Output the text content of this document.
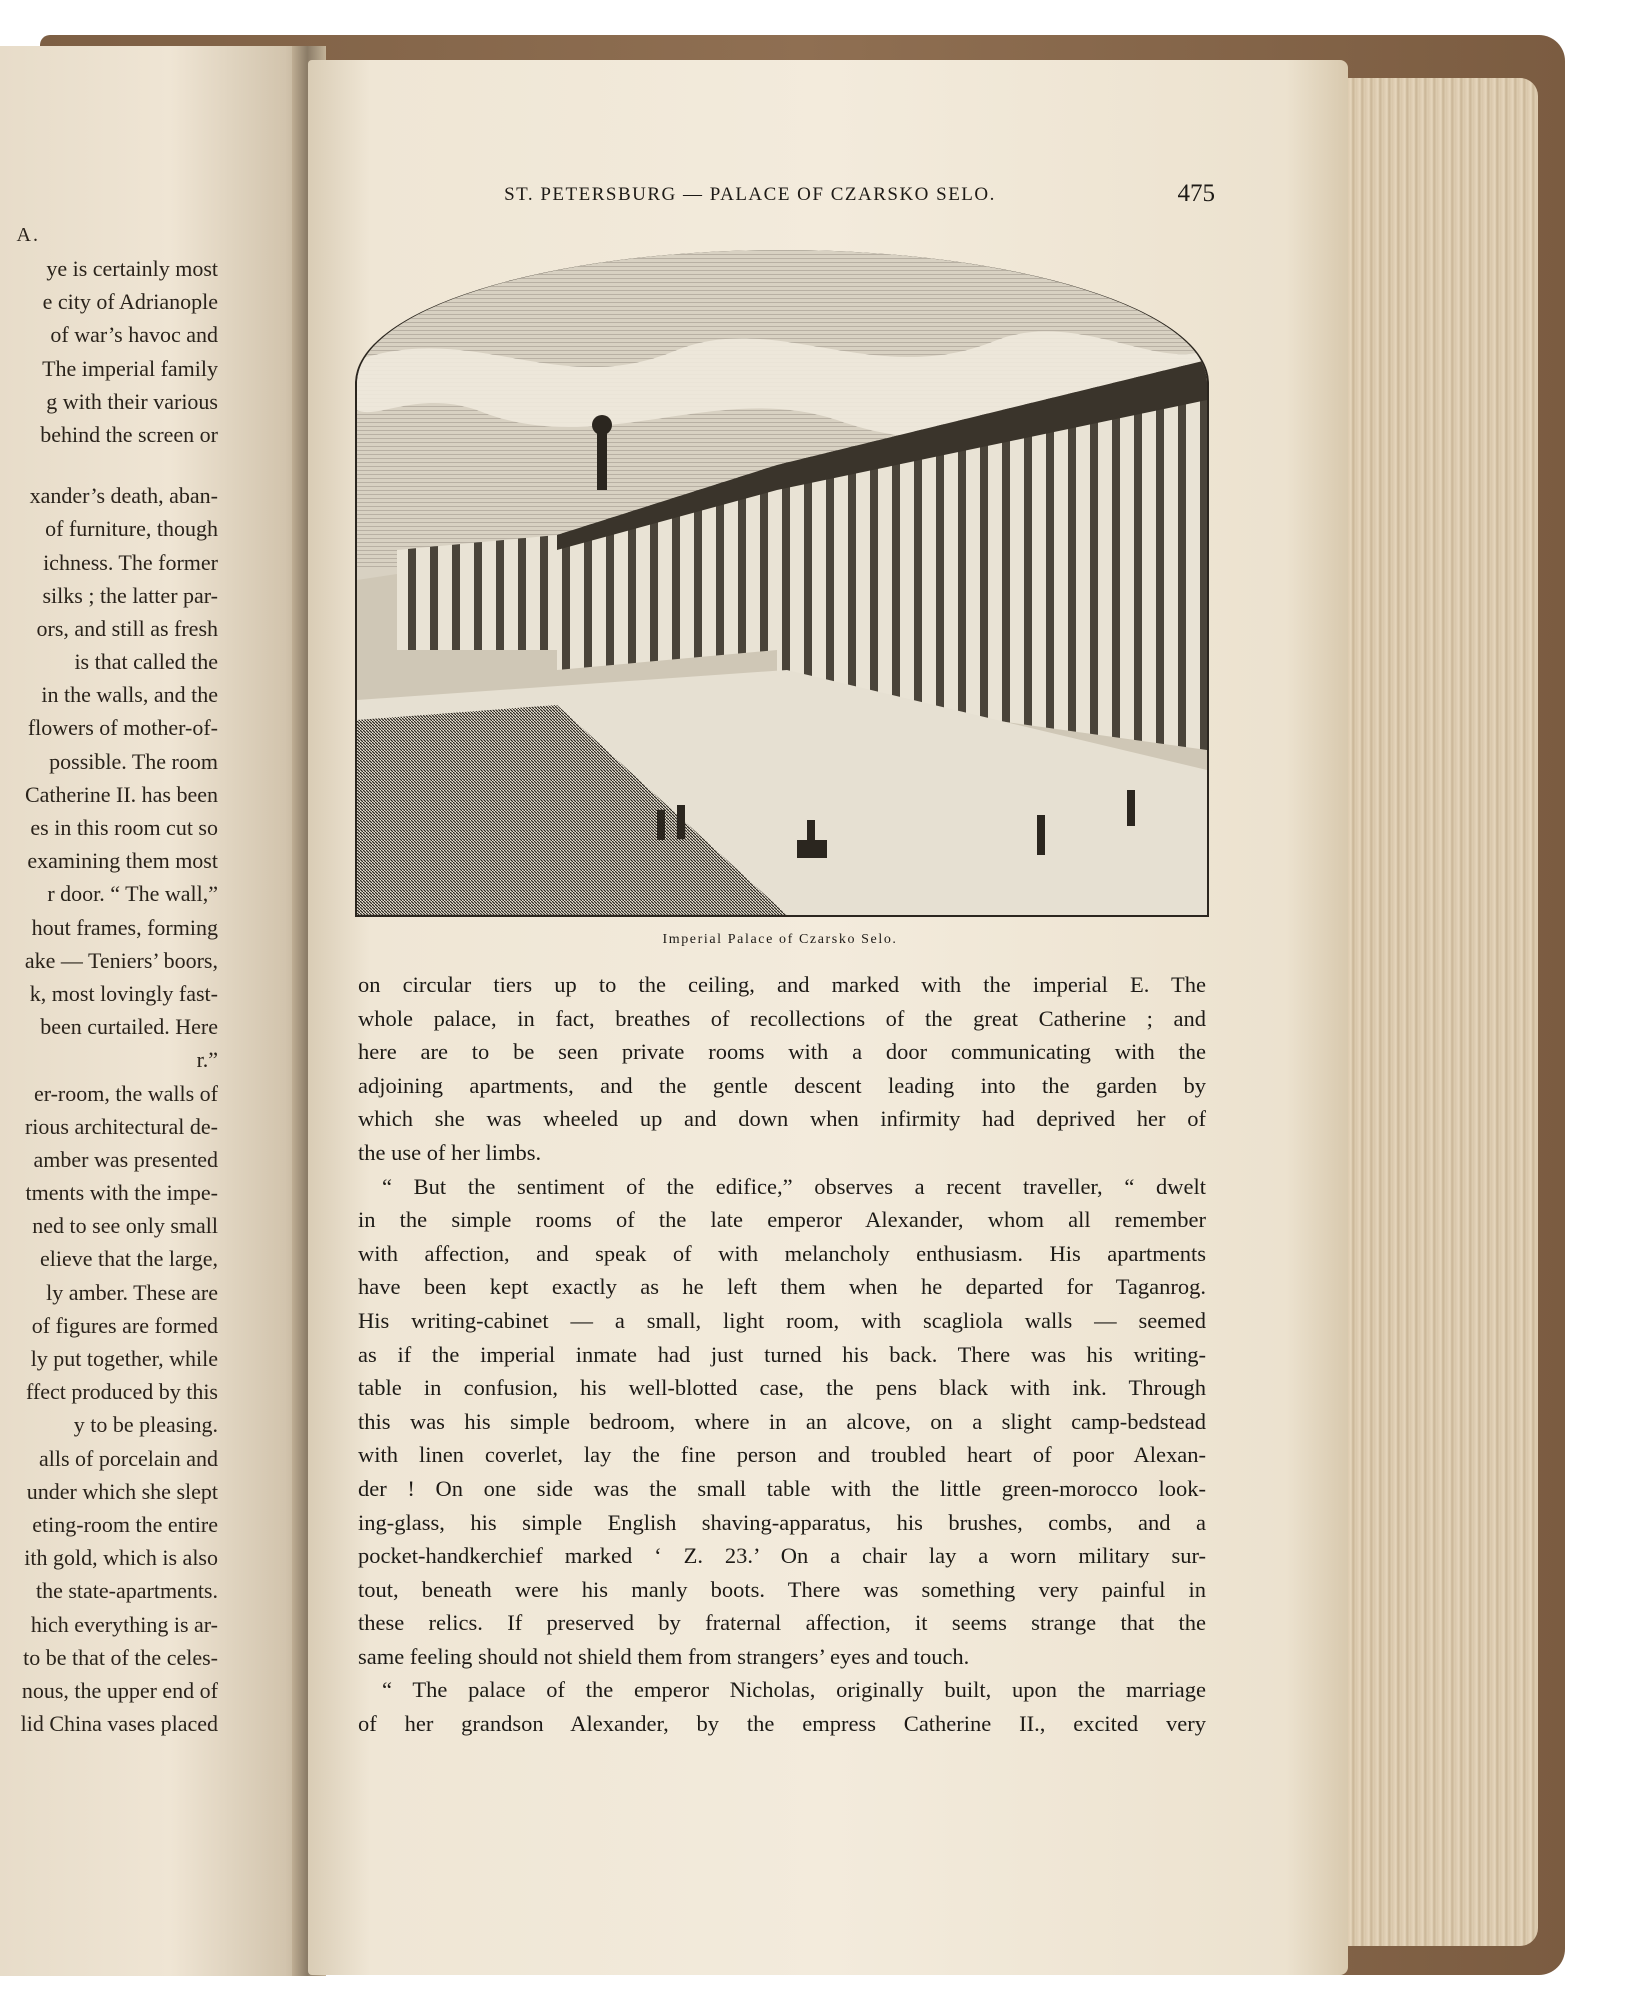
A.
ye is certainly most
e city of Adrianople
of war’s havoc and
The imperial family
g with their various
behind the screen or
xander’s death, aban-
of furniture, though
ichness. The former
silks ; the latter par-
ors, and still as fresh
is that called the
in the walls, and the
flowers of mother-of-
possible. The room
Catherine II. has been
es in this room cut so
examining them most
r door. “ The wall,”
hout frames, forming
ake — Teniers’ boors,
k, most lovingly fast-
been curtailed. Here
r.”
er-room, the walls of
rious architectural de-
amber was presented
tments with the impe-
ned to see only small
elieve that the large,
ly amber. These are
of figures are formed
ly put together, while
ffect produced by this
y to be pleasing.
alls of porcelain and
under which she slept
eting-room the entire
ith gold, which is also
the state-apartments.
hich everything is ar-
to be that of the celes-
nous, the upper end of
lid China vases placed
ST. PETERSBURG — PALACE OF CZARSKO SELO.	475
Imperial Palace of Czarsko Selo.
on circular tiers up to the ceiling, and marked with the imperial E. The
whole palace, in fact, breathes of recollections of the great Catherine ; and
here are to be seen private rooms with a door communicating with the
adjoining apartments, and the gentle descent leading into the garden by
which she was wheeled up and down when infirmity had deprived her of
the use of her limbs.
“ But the sentiment of the edifice,” observes a recent traveller, “ dwelt
in the simple rooms of the late emperor Alexander, whom all remember
with affection, and speak of with melancholy enthusiasm. His apartments
have been kept exactly as he left them when he departed for Taganrog.
His writing-cabinet — a small, light room, with scagliola walls — seemed
as if the imperial inmate had just turned his back. There was his writing-
table in confusion, his well-blotted case, the pens black with ink. Through
this was his simple bedroom, where in an alcove, on a slight camp-bedstead
with linen coverlet, lay the fine person and troubled heart of poor Alexan-
der ! On one side was the small table with the little green-morocco look-
ing-glass, his simple English shaving-apparatus, his brushes, combs, and a
pocket-handkerchief marked ‘ Z. 23.’ On a chair lay a worn military sur-
tout, beneath were his manly boots. There was something very painful in
these relics. If preserved by fraternal affection, it seems strange that the
same feeling should not shield them from strangers’ eyes and touch.
“ The palace of the emperor Nicholas, originally built, upon the marriage
of her grandson Alexander, by the empress Catherine II., excited very
